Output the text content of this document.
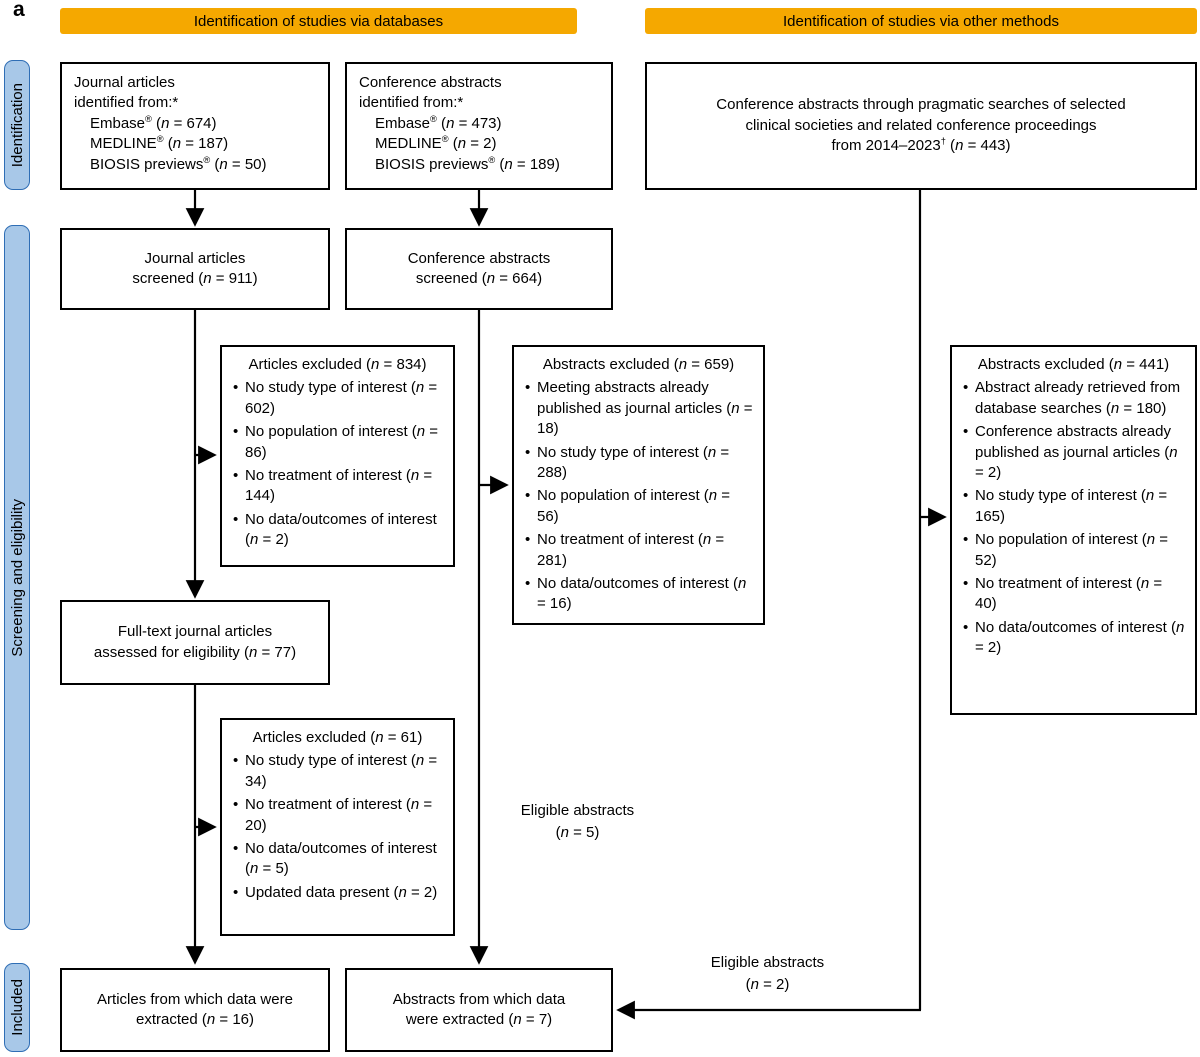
a	Identification of studies via databases	Identification of studies via other methods
Identification
Screening and eligibility
Included
Journal articles
identified from:*
Embase® (n = 674)
MEDLINE® (n = 187)
BIOSIS previews® (n = 50)
Conference abstracts
identified from:*
Embase® (n = 473)
MEDLINE® (n = 2)
BIOSIS previews® (n = 189)
Conference abstracts through pragmatic searches of selected
clinical societies and related conference proceedings
from 2014–2023† (n = 443)
Journal articles
screened (n = 911)
Conference abstracts
screened (n = 664)
Articles excluded (n = 834)
• No study type of interest (n = 602)
• No population of interest (n = 86)
• No treatment of interest (n = 144)
• No data/outcomes of interest (n = 2)
Abstracts excluded (n = 659)
• Meeting abstracts already published as journal articles (n = 18)
• No study type of interest (n = 288)
• No population of interest (n = 56)
• No treatment of interest (n = 281)
• No data/outcomes of interest (n = 16)
Abstracts excluded (n = 441)
• Abstract already retrieved from database searches (n = 180)
• Conference abstracts already published as journal articles (n = 2)
• No study type of interest (n = 165)
• No population of interest (n = 52)
• No treatment of interest (n = 40)
• No data/outcomes of interest (n = 2)
Full-text journal articles
assessed for eligibility (n = 77)
Articles excluded (n = 61)
• No study type of interest (n = 34)
• No treatment of interest (n = 20)
• No data/outcomes of interest (n = 5)
• Updated data present (n = 2)
Eligible abstracts
(n = 5)
Eligible abstracts
(n = 2)
Articles from which data were
extracted (n = 16)
Abstracts from which data
were extracted (n = 7)
